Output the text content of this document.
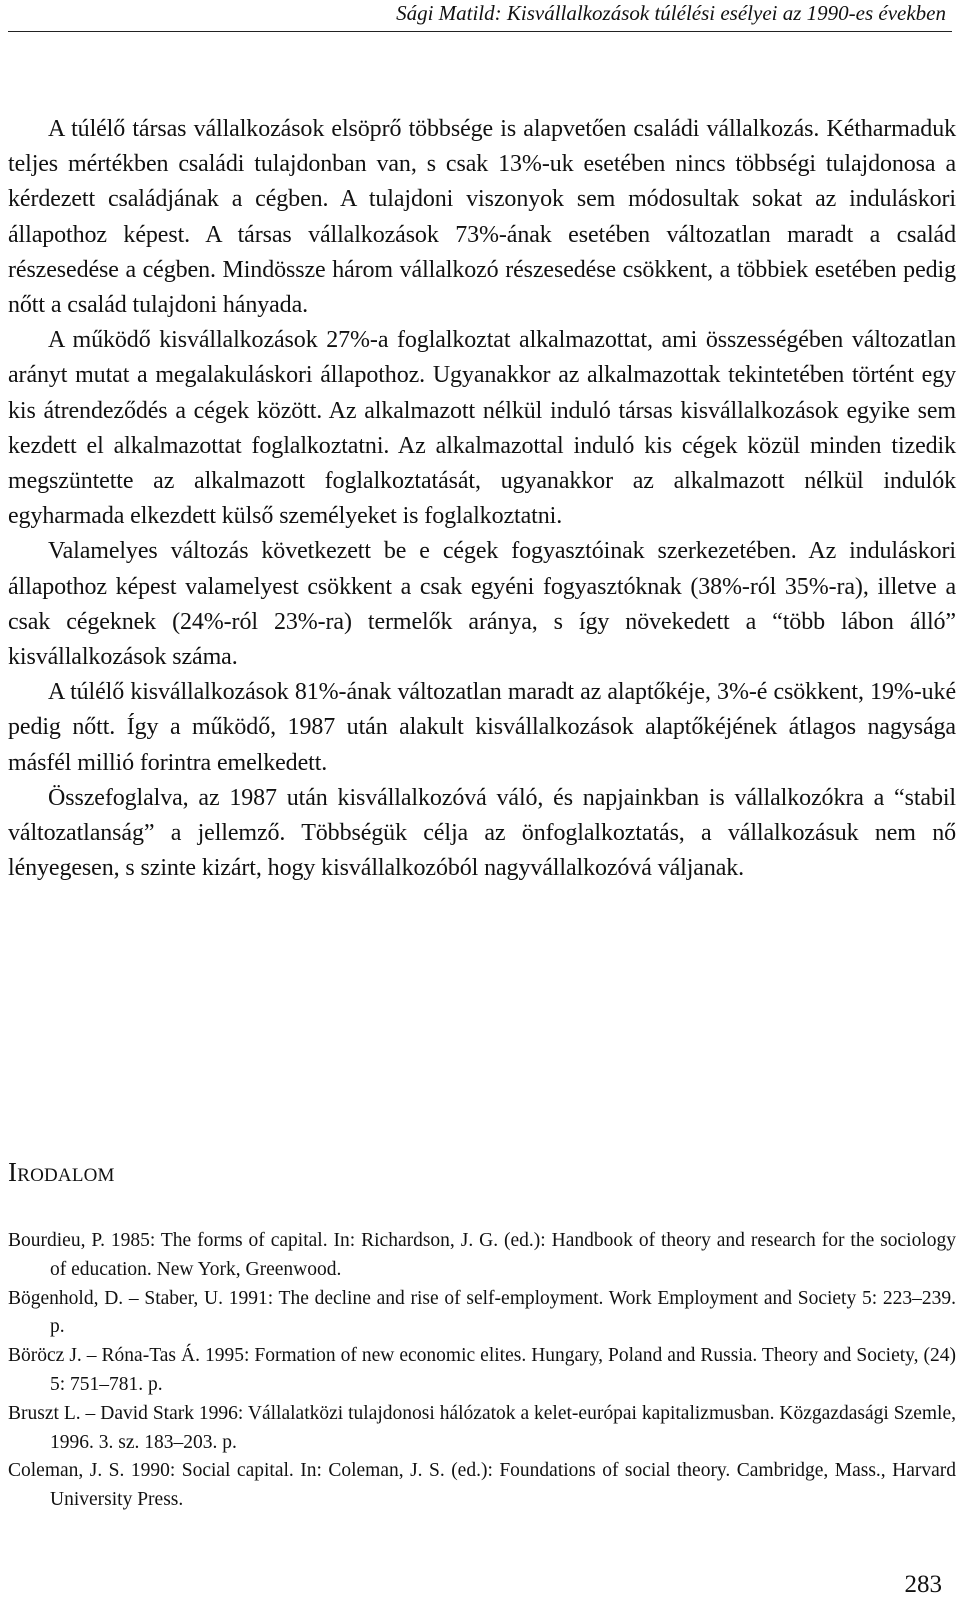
Sági Matild: Kisvállalkozások túlélési esélyei az 1990-es években

A túlélő társas vállalkozások elsöprő többsége is alapvetően családi vállalkozás. Kétharmaduk teljes mértékben családi tulajdonban van, s csak 13%-uk esetében nincs többségi tulajdonosa a kérdezett családjának a cégben. A tulajdoni viszonyok sem módosultak sokat az induláskori állapothoz képest. A társas vállalkozások 73%-ának esetében változatlan maradt a család részesedése a cégben. Mindössze három vállalkozó részesedése csökkent, a többiek esetében pedig nőtt a család tulajdoni hányada.

A működő kisvállalkozások 27%-a foglalkoztat alkalmazottat, ami összességében változatlan arányt mutat a megalakuláskori állapothoz. Ugyanakkor az alkalmazottak tekintetében történt egy kis átrendeződés a cégek között. Az alkalmazott nélkül induló társas kisvállalkozások egyike sem kezdett el alkalmazottat foglalkoztatni. Az alkalmazottal induló kis cégek közül minden tizedik megszüntette az alkalmazott foglalkoztatását, ugyanakkor az alkalmazott nélkül indulók egyharmada elkezdett külső személyeket is foglalkoztatni.

Valamelyes változás következett be e cégek fogyasztóinak szerkezetében. Az induláskori állapothoz képest valamelyest csökkent a csak egyéni fogyasztóknak (38%-ról 35%-ra), illetve a csak cégeknek (24%-ról 23%-ra) termelők aránya, s így növekedett a “több lábon álló” kisvállalkozások száma.

A túlélő kisvállalkozások 81%-ának változatlan maradt az alaptőkéje, 3%-é csökkent, 19%-uké pedig nőtt. Így a működő, 1987 után alakult kisvállalkozások alaptőkéjének átlagos nagysága másfél millió forintra emelkedett.

Összefoglalva, az 1987 után kisvállalkozóvá váló, és napjainkban is vállalkozókra a “stabil változatlanság” a jellemző. Többségük célja az önfoglalkoztatás, a vállalkozásuk nem nő lényegesen, s szinte kizárt, hogy kisvállalkozóból nagyvállalkozóvá váljanak.

Irodalom

Bourdieu, P. 1985: The forms of capital. In: Richardson, J. G. (ed.): Handbook of theory and research for the sociology of education. New York, Greenwood.

Bögenhold, D. – Staber, U. 1991: The decline and rise of self-employment. Work Employment and Society 5: 223–239. p.

Böröcz J. – Róna-Tas Á. 1995: Formation of new economic elites. Hungary, Poland and Russia. Theory and Society, (24) 5: 751–781. p.

Bruszt L. – David Stark 1996: Vállalatközi tulajdonosi hálózatok a kelet-európai kapitalizmusban. Közgazdasági Szemle, 1996. 3. sz. 183–203. p.

Coleman, J. S. 1990: Social capital. In: Coleman, J. S. (ed.): Foundations of social theory. Cambridge, Mass., Harvard University Press.

283
